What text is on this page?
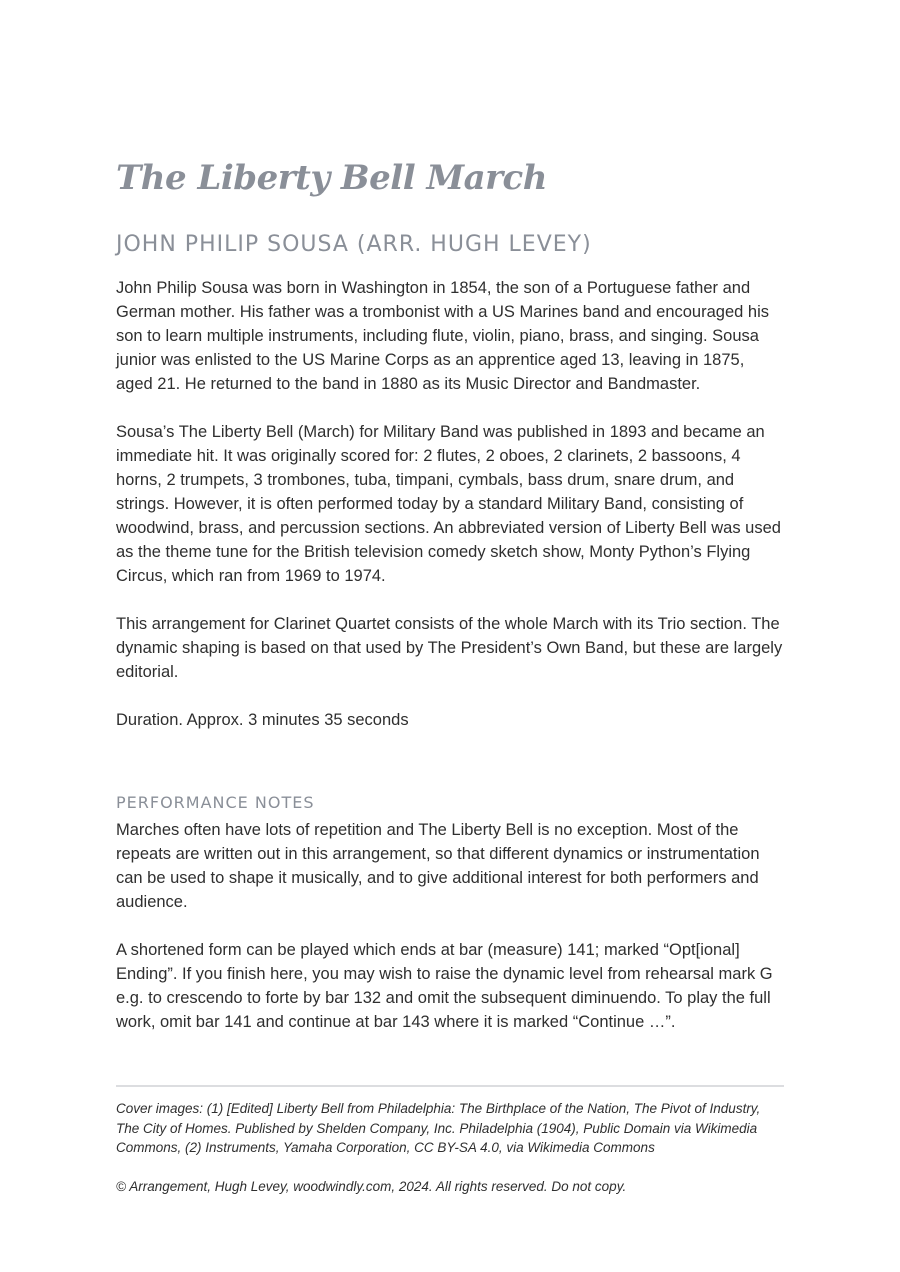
The Liberty Bell March
JOHN PHILIP SOUSA (ARR. HUGH LEVEY)

John Philip Sousa was born in Washington in 1854, the son of a Portuguese father and German mother. His father was a trombonist with a US Marines band and encouraged his son to learn multiple instruments, including flute, violin, piano, brass, and singing. Sousa junior was enlisted to the US Marine Corps as an apprentice aged 13, leaving in 1875, aged 21. He returned to the band in 1880 as its Music Director and Bandmaster.

Sousa’s The Liberty Bell (March) for Military Band was published in 1893 and became an immediate hit. It was originally scored for: 2 flutes, 2 oboes, 2 clarinets, 2 bassoons, 4 horns, 2 trumpets, 3 trombones, tuba, timpani, cymbals, bass drum, snare drum, and strings. However, it is often performed today by a standard Military Band, consisting of woodwind, brass, and percussion sections. An abbreviated version of Liberty Bell was used as the theme tune for the British television comedy sketch show, Monty Python’s Flying Circus, which ran from 1969 to 1974.

This arrangement for Clarinet Quartet consists of the whole March with its Trio section. The dynamic shaping is based on that used by The President’s Own Band, but these are largely editorial.

Duration. Approx. 3 minutes 35 seconds

PERFORMANCE NOTES

Marches often have lots of repetition and The Liberty Bell is no exception. Most of the repeats are written out in this arrangement, so that different dynamics or instrumentation can be used to shape it musically, and to give additional interest for both performers and audience.

A shortened form can be played which ends at bar (measure) 141; marked “Opt[ional] Ending”. If you finish here, you may wish to raise the dynamic level from rehearsal mark G e.g. to crescendo to forte by bar 132 and omit the subsequent diminuendo. To play the full work, omit bar 141 and continue at bar 143 where it is marked “Continue …”.

Cover images: (1) [Edited] Liberty Bell from Philadelphia: The Birthplace of the Nation, The Pivot of Industry, The City of Homes. Published by Shelden Company, Inc. Philadelphia (1904), Public Domain via Wikimedia Commons, (2) Instruments, Yamaha Corporation, CC BY-SA 4.0, via Wikimedia Commons

© Arrangement, Hugh Levey, woodwindly.com, 2024. All rights reserved. Do not copy.
